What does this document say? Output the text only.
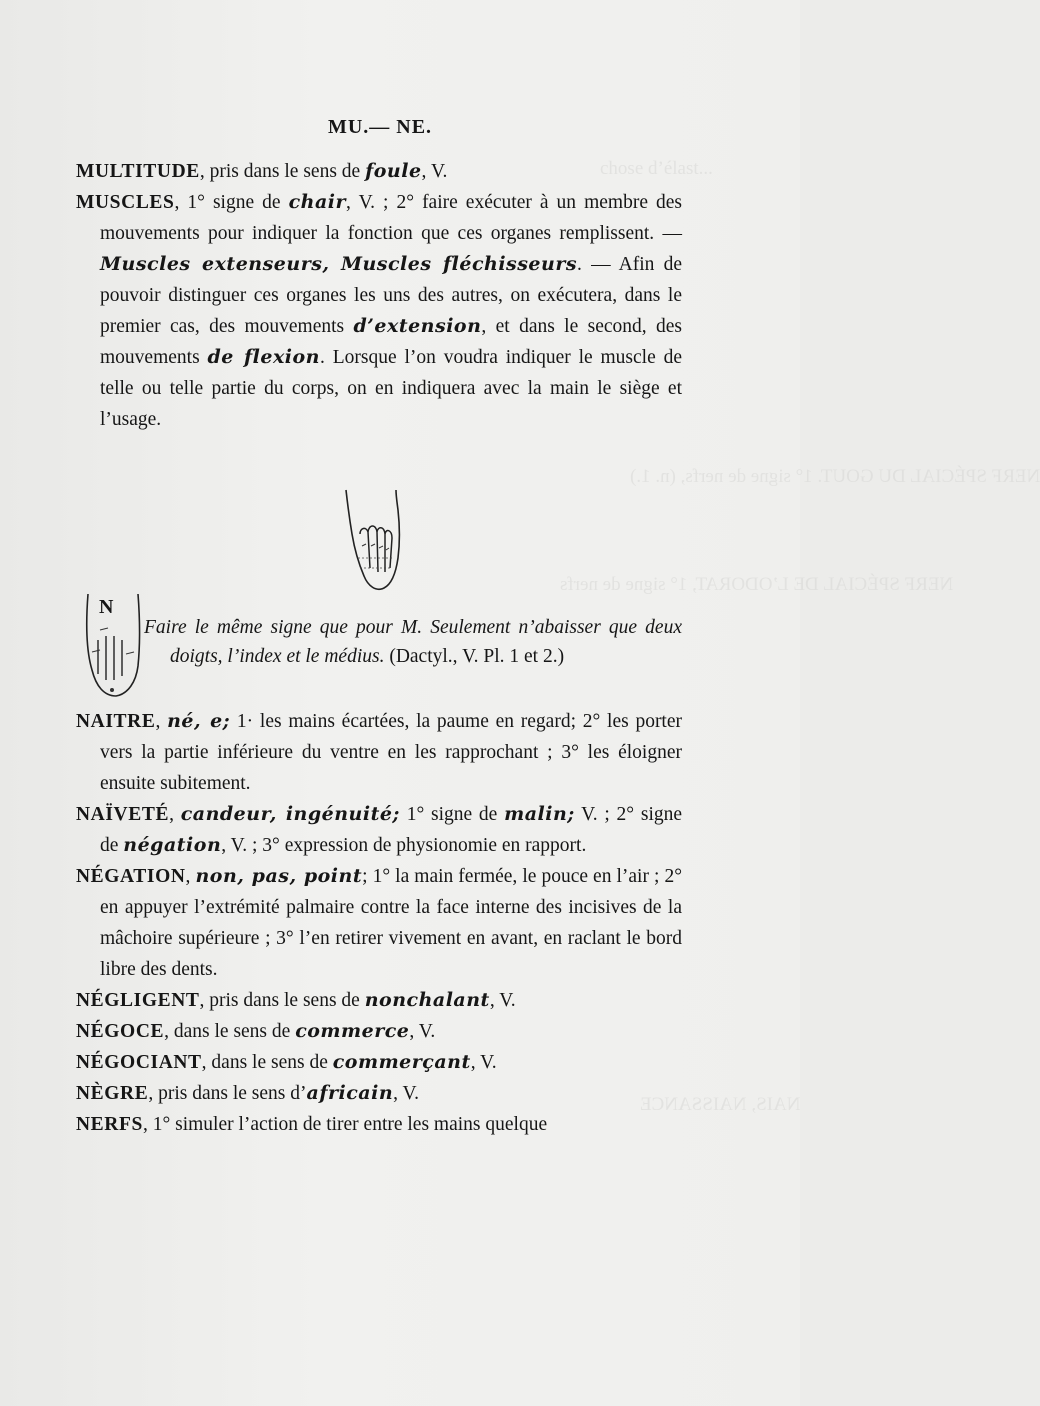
chose d’élast...
NERF SPÉCIAL DU GOUT. 1° signe de nerfs, (n. 1.)
NERF SPÉCIAL DE L’ODORAT, 1° signe de nerfs
NAIS, NAISSANCE
MU.— NE.

MULTITUDE, pris dans le sens de foule, V.

MUSCLES, 1° signe de chair, V. ; 2° faire exécuter à un membre des mouvements pour indiquer la fonction que ces organes remplissent. — Muscles extenseurs, Muscles fléchisseurs. — Afin de pouvoir distinguer ces organes les uns des autres, on exécutera, dans le premier cas, des mouvements d’extension, et dans le second, des mouvements de flexion. Lorsque l’on voudra indiquer le muscle de telle ou telle partie du corps, on en indiquera avec la main le siège et l’usage.

N

Faire le même signe que pour M. Seulement n’abaisser que deux doigts, l’index et le médius. (Dactyl., V. Pl. 1 et 2.)

NAITRE, né, e; 1· les mains écartées, la paume en regard; 2° les porter vers la partie inférieure du ventre en les rapprochant ; 3° les éloigner ensuite subitement.

NAÏVETÉ, candeur, ingénuité; 1° signe de malin; V. ; 2° signe de négation, V. ; 3° expression de physionomie en rapport.

NÉGATION, non, pas, point; 1° la main fermée, le pouce en l’air ; 2° en appuyer l’extrémité palmaire contre la face interne des incisives de la mâchoire supérieure ; 3° l’en retirer vivement en avant, en raclant le bord libre des dents.

NÉGLIGENT, pris dans le sens de nonchalant, V.

NÉGOCE, dans le sens de commerce, V.

NÉGOCIANT, dans le sens de commerçant, V.

NÈGRE, pris dans le sens d’africain, V.

NERFS, 1° simuler l’action de tirer entre les mains quelque
